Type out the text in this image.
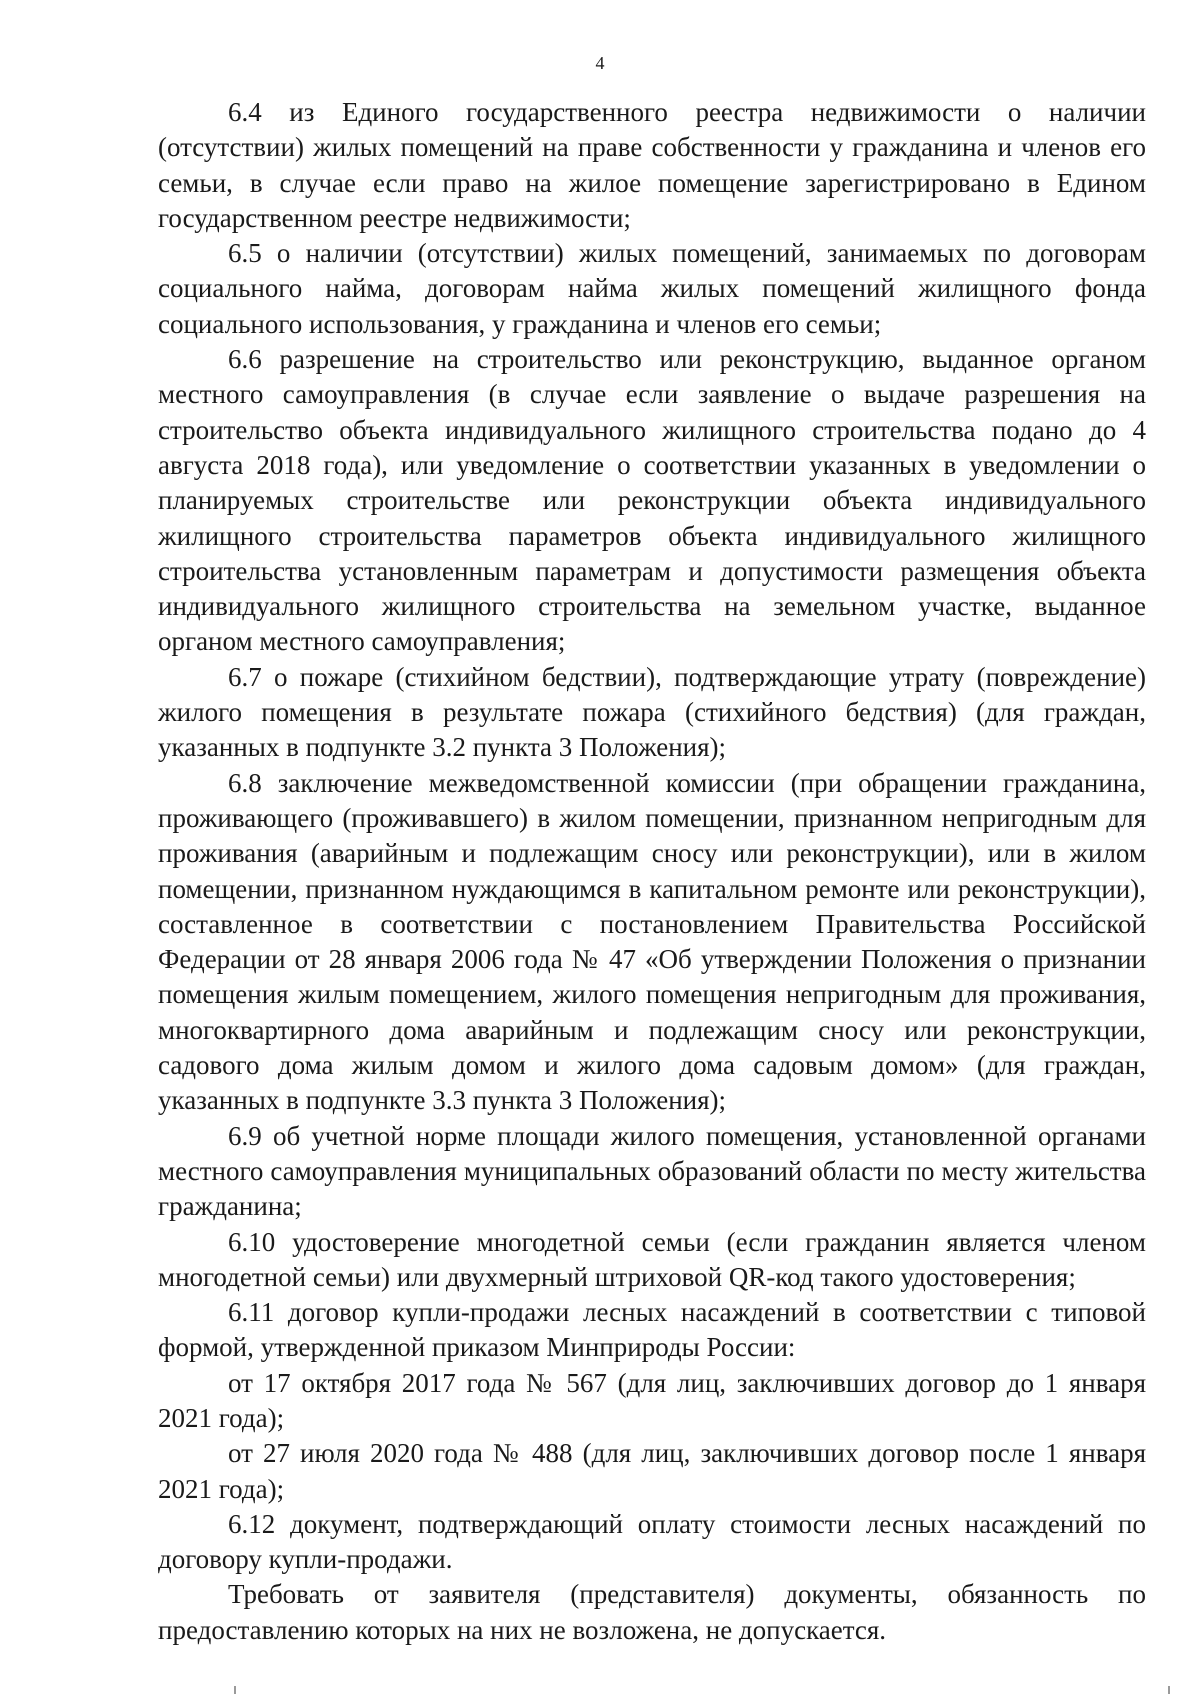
4

6.4 из Единого государственного реестра недвижимости о наличии (отсутствии) жилых помещений на праве собственности у гражданина и членов его семьи, в случае если право на жилое помещение зарегистрировано в Едином государственном реестре недвижимости;

6.5 о наличии (отсутствии) жилых помещений, занимаемых по договорам социального найма, договорам найма жилых помещений жилищного фонда социального использования, у гражданина и членов его семьи;

6.6 разрешение на строительство или реконструкцию, выданное органом местного самоуправления (в случае если заявление о выдаче разрешения на строительство объекта индивидуального жилищного строительства подано до 4 августа 2018 года), или уведомление о соответствии указанных в уведомлении о планируемых строительстве или реконструкции объекта индивидуального жилищного строительства параметров объекта индивидуального жилищного строительства установленным параметрам и допустимости размещения объекта индивидуального жилищного строительства на земельном участке, выданное органом местного самоуправления;

6.7 о пожаре (стихийном бедствии), подтверждающие утрату (повреждение) жилого помещения в результате пожара (стихийного бедствия) (для граждан, указанных в подпункте 3.2 пункта 3 Положения);

6.8 заключение межведомственной комиссии (при обращении гражданина, проживающего (проживавшего) в жилом помещении, признанном непригодным для проживания (аварийным и подлежащим сносу или реконструкции), или в жилом помещении, признанном нуждающимся в капитальном ремонте или реконструкции), составленное в соответствии с постановлением Правительства Российской Федерации от 28 января 2006 года № 47 «Об утверждении Положения о признании помещения жилым помещением, жилого помещения непригодным для проживания, многоквартирного дома аварийным и подлежащим сносу или реконструкции, садового дома жилым домом и жилого дома садовым домом» (для граждан, указанных в подпункте 3.3 пункта 3 Положения);

6.9 об учетной норме площади жилого помещения, установленной органами местного самоуправления муниципальных образований области по месту жительства гражданина;

6.10 удостоверение многодетной семьи (если гражданин является членом многодетной семьи) или двухмерный штриховой QR-код такого удостоверения;

6.11 договор купли-продажи лесных насаждений в соответствии с типовой формой, утвержденной приказом Минприроды России:

от 17 октября 2017 года № 567 (для лиц, заключивших договор до 1 января 2021 года);

от 27 июля 2020 года № 488 (для лиц, заключивших договор после 1 января 2021 года);

6.12 документ, подтверждающий оплату стоимости лесных насаждений по договору купли-продажи.

Требовать от заявителя (представителя) документы, обязанность по предоставлению которых на них не возложена, не допускается.
